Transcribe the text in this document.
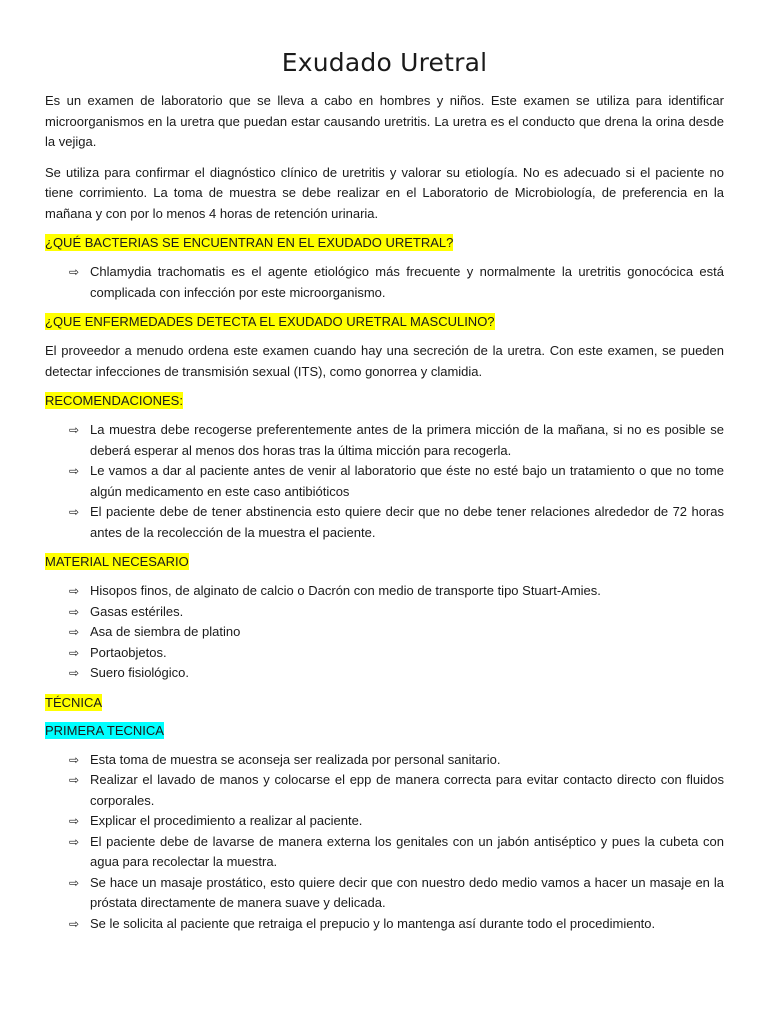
Exudado Uretral

Es un examen de laboratorio que se lleva a cabo en hombres y niños. Este examen se utiliza para identificar microorganismos en la uretra que puedan estar causando uretritis. La uretra es el conducto que drena la orina desde la vejiga.

Se utiliza para confirmar el diagnóstico clínico de uretritis y valorar su etiología. No es adecuado si el paciente no tiene corrimiento. La toma de muestra se debe realizar en el Laboratorio de Microbiología, de preferencia en la mañana y con por lo menos 4 horas de retención urinaria.

¿QUÉ BACTERIAS SE ENCUENTRAN EN EL EXUDADO URETRAL?
⇨ Chlamydia trachomatis es el agente etiológico más frecuente y normalmente la uretritis gonocócica está complicada con infección por este microorganismo.
¿QUE ENFERMEDADES DETECTA EL EXUDADO URETRAL MASCULINO?

El proveedor a menudo ordena este examen cuando hay una secreción de la uretra. Con este examen, se pueden detectar infecciones de transmisión sexual (ITS), como gonorrea y clamidia.

RECOMENDACIONES:
⇨ La muestra debe recogerse preferentemente antes de la primera micción de la mañana, si no es posible se deberá esperar al menos dos horas tras la última micción para recogerla.
⇨ Le vamos a dar al paciente antes de venir al laboratorio que éste no esté bajo un tratamiento o que no tome algún medicamento en este caso antibióticos
⇨ El paciente debe de tener abstinencia esto quiere decir que no debe tener relaciones alrededor de 72 horas antes de la recolección de la muestra el paciente.
MATERIAL NECESARIO
⇨ Hisopos finos, de alginato de calcio o Dacrón con medio de transporte tipo Stuart-Amies.
⇨ Gasas estériles.
⇨ Asa de siembra de platino
⇨ Portaobjetos.
⇨ Suero fisiológico.
TÉCNICA
PRIMERA TECNICA
⇨ Esta toma de muestra se aconseja ser realizada por personal sanitario.
⇨ Realizar el lavado de manos y colocarse el epp de manera correcta para evitar contacto directo con fluidos corporales.
⇨ Explicar el procedimiento a realizar al paciente.
⇨ El paciente debe de lavarse de manera externa los genitales con un jabón antiséptico y pues la cubeta con agua para recolectar la muestra.
⇨ Se hace un masaje prostático, esto quiere decir que con nuestro dedo medio vamos a hacer un masaje en la próstata directamente de manera suave y delicada.
⇨ Se le solicita al paciente que retraiga el prepucio y lo mantenga así durante todo el procedimiento.
